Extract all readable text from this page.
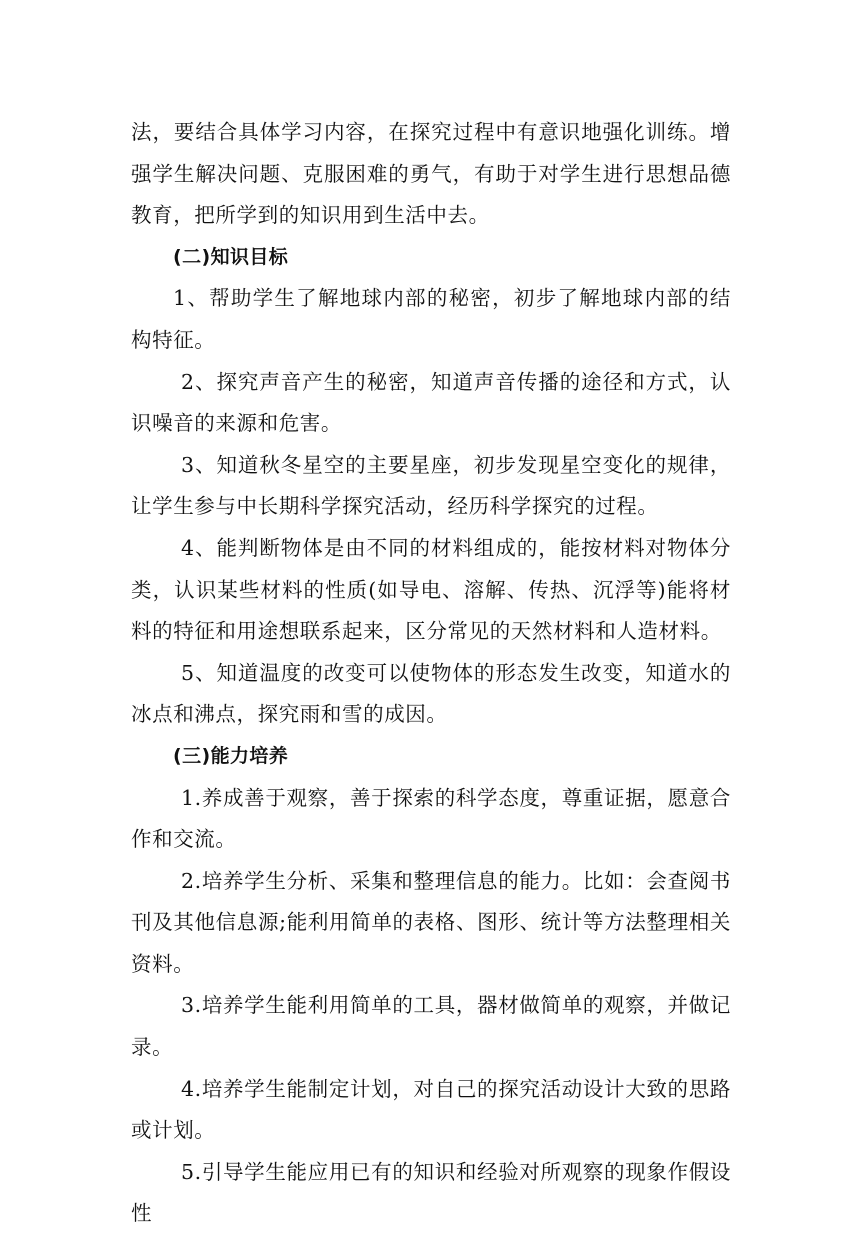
法，要结合具体学习内容，在探究过程中有意识地强化训练。增强学生解决问题、克服困难的勇气，有助于对学生进行思想品德教育，把所学到的知识用到生活中去。

(二)知识目标

1、帮助学生了解地球内部的秘密，初步了解地球内部的结构特征。

2、探究声音产生的秘密，知道声音传播的途径和方式，认识噪音的来源和危害。

3、知道秋冬星空的主要星座，初步发现星空变化的规律，让学生参与中长期科学探究活动，经历科学探究的过程。

4、能判断物体是由不同的材料组成的，能按材料对物体分类，认识某些材料的性质(如导电、溶解、传热、沉浮等)能将材料的特征和用途想联系起来，区分常见的天然材料和人造材料。

5、知道温度的改变可以使物体的形态发生改变，知道水的冰点和沸点，探究雨和雪的成因。

(三)能力培养

1.养成善于观察，善于探索的科学态度，尊重证据，愿意合作和交流。

2.培养学生分析、采集和整理信息的能力。比如：会查阅书刊及其他信息源;能利用简单的表格、图形、统计等方法整理相关资料。

3.培养学生能利用简单的工具，器材做简单的观察，并做记录。

4.培养学生能制定计划，对自己的探究活动设计大致的思路或计划。

5.引导学生能应用已有的知识和经验对所观察的现象作假设性
